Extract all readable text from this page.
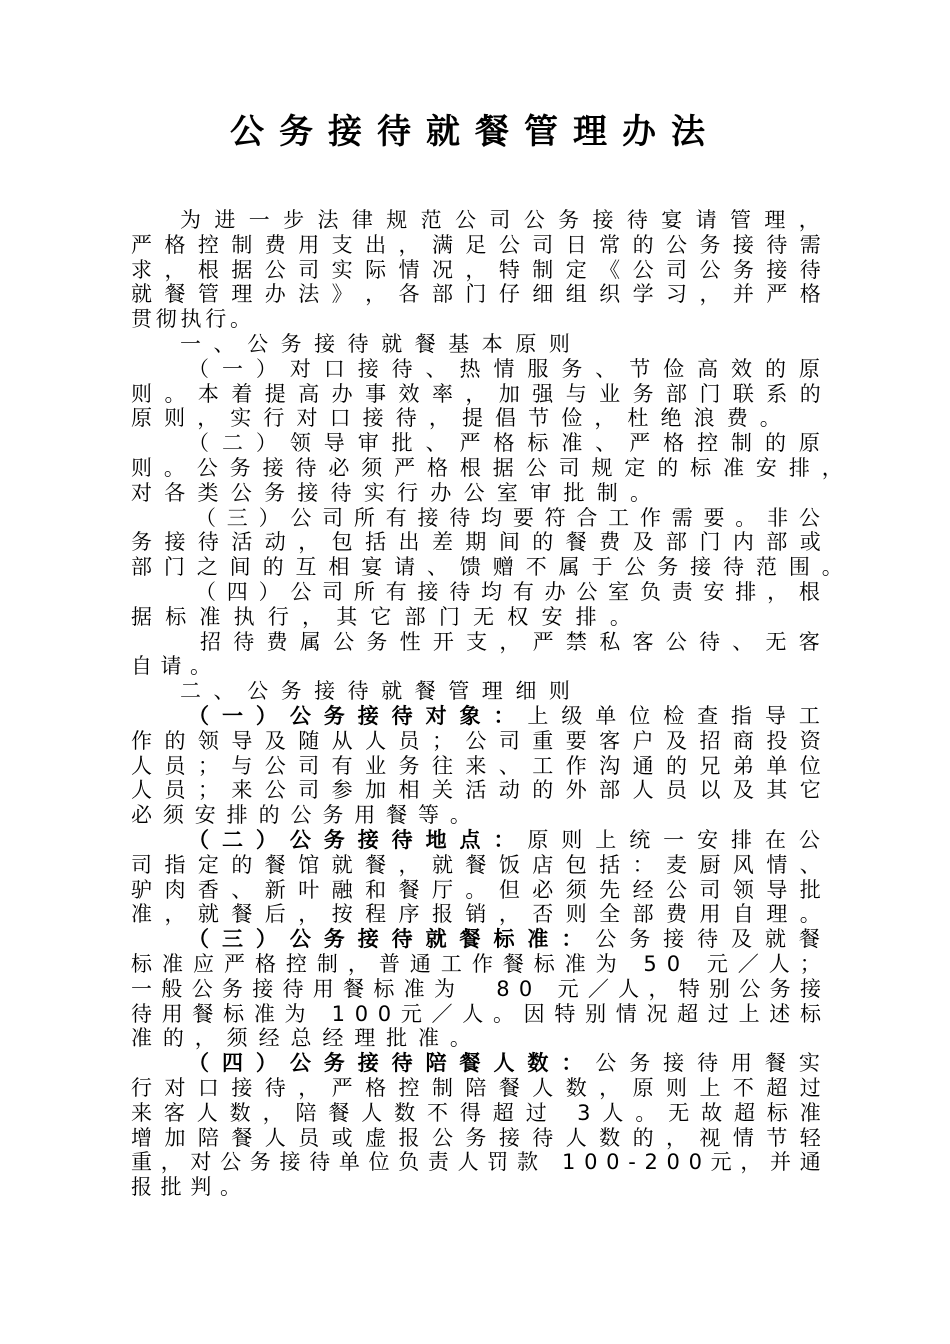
公务接待就餐管理办法
为 进 一 步 法 律 规 范 公 司 公 务 接 待 宴 请 管 理 ，
严 格 控 制 费 用 支 出 ， 满 足 公 司 日 常 的 公 务 接 待 需
求 ， 根 据 公 司 实 际 情 况 ， 特 制 定 《 公 司 公 务 接 待
就 餐 管 理 办 法 》 ， 各 部 门 仔 细 组 织 学 习 ， 并 严 格
贯 彻 执 行 。
一 、 公 务 接 待 就 餐 基 本 原 则
（ 一 ） 对 口 接 待 、 热 情 服 务 、 节 俭 高 效 的 原
则 。 本 着 提 高 办 事 效 率 ， 加 强 与 业 务 部 门 联 系 的
原 则 ， 实 行 对 口 接 待 ， 提 倡 节 俭 ， 杜 绝 浪 费 。
（ 二 ） 领 导 审 批 、 严 格 标 准 、 严 格 控 制 的 原
则 。 公 务 接 待 必 须 严 格 根 据 公 司 规 定 的 标 准 安 排 ，
对 各 类 公 务 接 待 实 行 办 公 室 审 批 制 。
（ 三 ） 公 司 所 有 接 待 均 要 符 合 工 作 需 要 。 非 公
务 接 待 活 动 ， 包 括 出 差 期 间 的 餐 费 及 部 门 内 部 或
部 门 之 间 的 互 相 宴 请 、 馈 赠 不 属 于 公 务 接 待 范 围 。
（ 四 ） 公 司 所 有 接 待 均 有 办 公 室 负 责 安 排 ， 根
据 标 准 执 行 ， 其 它 部 门 无 权 安 排 。
招 待 费 属 公 务 性 开 支 ， 严 禁 私 客 公 待 、 无 客
自 请 。
二 、 公 务 接 待 就 餐 管 理 细 则
（ 一 ） 公 务 接 待 对 象 ： 上 级 单 位 检 查 指 导 工
作 的 领 导 及 随 从 人 员 ； 公 司 重 要 客 户 及 招 商 投 资
人 员 ； 与 公 司 有 业 务 往 来 、 工 作 沟 通 的 兄 弟 单 位
人 员 ； 来 公 司 参 加 相 关 活 动 的 外 部 人 员 以 及 其 它
必 须 安 排 的 公 务 用 餐 等 。
（ 二 ） 公 务 接 待 地 点 ： 原 则 上 统 一 安 排 在 公
司 指 定 的 餐 馆 就 餐 ， 就 餐 饭 店 包 括 ： 麦 厨 风 情 、
驴 肉 香 、 新 叶 融 和 餐 厅 。 但 必 须 先 经 公 司 领 导 批
准 ， 就 餐 后 ， 按 程 序 报 销 ， 否 则 全 部 费 用 自 理 。
（ 三 ） 公 务 接 待 就 餐 标 准 ： 公 务 接 待 及 就 餐
标 准 应 严 格 控 制 ， 普 通 工 作 餐 标 准 为
5 0
元 ／ 人 ；
一 般 公 务 接 待 用 餐 标 准 为

8 0
元 ／ 人 ， 特 别 公 务 接
待 用 餐 标 准 为
1 0 0 元 ／ 人 。 因 特 别 情 况 超 过 上 述 标
准 的 ， 须 经 总 经 理 批 准 。
（ 四 ） 公 务 接 待 陪 餐 人 数 ： 公 务 接 待 用 餐 实
行 对 口 接 待 ， 严 格 控 制 陪 餐 人 数 ， 原 则 上 不 超 过
来 客 人 数 ， 陪 餐 人 数 不 得 超 过
3 人 。 无 故 超 标 准
增 加 陪 餐 人 员 或 虚 报 公 务 接 待 人 数 的 ， 视 情 节 轻
重 ， 对 公 务 接 待 单 位 负 责 人 罚 款
1 0 0 - 2 0 0 元 ， 并 通
报 批 判 。
